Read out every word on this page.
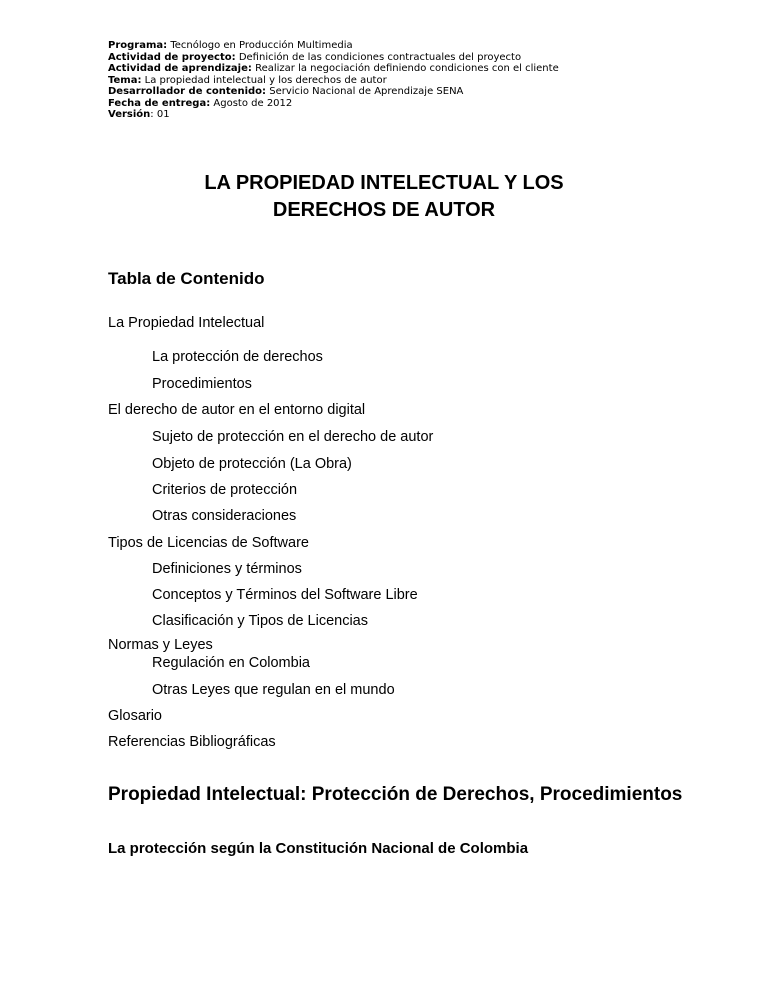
Programa: Tecnólogo en Producción Multimedia
Actividad de proyecto: Definición de las condiciones contractuales del proyecto
Actividad de aprendizaje: Realizar la negociación definiendo condiciones con el cliente
Tema: La propiedad intelectual y los derechos de autor
Desarrollador de contenido: Servicio Nacional de Aprendizaje SENA
Fecha de entrega: Agosto de 2012
Versión: 01
LA PROPIEDAD INTELECTUAL Y LOS
DERECHOS DE AUTOR
Tabla de Contenido
La Propiedad Intelectual
La protección de derechos
Procedimientos
El derecho de autor en el entorno digital
Sujeto de protección en el derecho de autor
Objeto de protección (La Obra)
Criterios de protección
Otras consideraciones
Tipos de Licencias de Software
Definiciones y términos
Conceptos y Términos del Software Libre
Clasificación y Tipos de Licencias
Normas y Leyes
Regulación en Colombia
Otras Leyes que regulan en el mundo
Glosario
Referencias Bibliográficas
Propiedad Intelectual: Protección de Derechos, Procedimientos
La protección según la Constitución Nacional de Colombia
